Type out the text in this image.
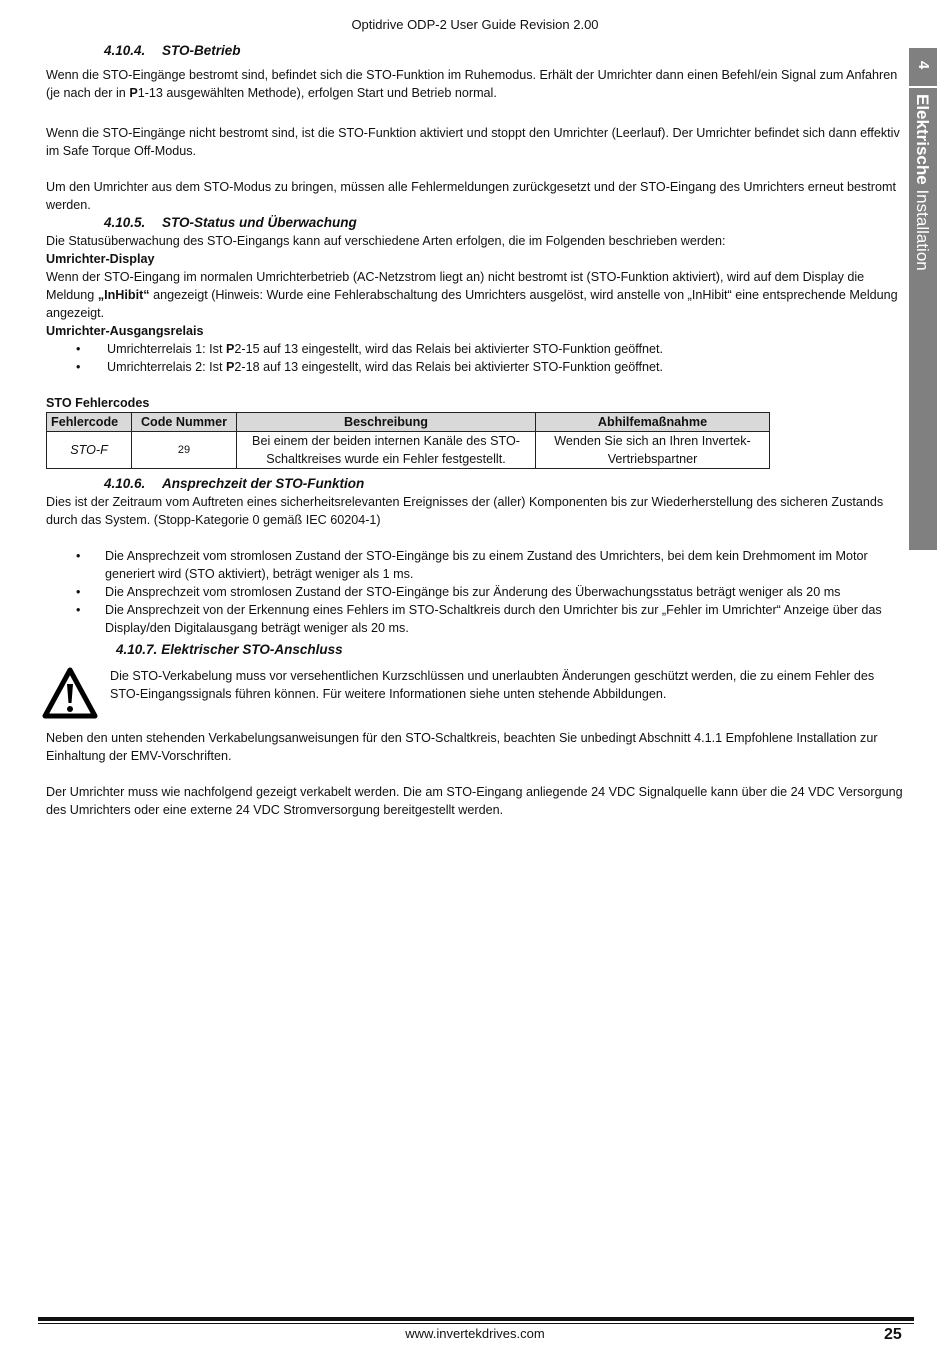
Optidrive ODP-2 User Guide Revision 2.00
4
Elektrische Installation
4.10.4. STO-Betrieb

Wenn die STO-Eingänge bestromt sind, befindet sich die STO-Funktion im Ruhemodus. Erhält der Umrichter dann einen Befehl/ein Signal zum Anfahren (je nach der in P1-13 ausgewählten Methode), erfolgen Start und Betrieb normal.

Wenn die STO-Eingänge nicht bestromt sind, ist die STO-Funktion aktiviert und stoppt den Umrichter (Leerlauf). Der Umrichter befindet sich dann effektiv im Safe Torque Off-Modus.

Um den Umrichter aus dem STO-Modus zu bringen, müssen alle Fehlermeldungen zurückgesetzt und der STO-Eingang des Umrichters erneut bestromt werden.

4.10.5. STO-Status und Überwachung

Die Statusüberwachung des STO-Eingangs kann auf verschiedene Arten erfolgen, die im Folgenden beschrieben werden:

Umrichter-Display

Wenn der STO-Eingang im normalen Umrichterbetrieb (AC-Netzstrom liegt an) nicht bestromt ist (STO-Funktion aktiviert), wird auf dem Display die Meldung „InHibit“ angezeigt (Hinweis: Wurde eine Fehlerabschaltung des Umrichters ausgelöst, wird anstelle von „InHibit“ eine entsprechende Meldung angezeigt.

Umrichter-Ausgangsrelais

• Umrichterrelais 1: Ist P2-15 auf 13 eingestellt, wird das Relais bei aktivierter STO-Funktion geöffnet.
• Umrichterrelais 2: Ist P2-18 auf 13 eingestellt, wird das Relais bei aktivierter STO-Funktion geöffnet.

STO Fehlercodes

Fehlercode	Code Nummer	Beschreibung	Abhilfemaßnahme
STO-F	29	Bei einem der beiden internen Kanäle des STO-Schaltkreises wurde ein Fehler festgestellt.	Wenden Sie sich an Ihren Invertek-Vertriebspartner
4.10.6. Ansprechzeit der STO-Funktion

Dies ist der Zeitraum vom Auftreten eines sicherheitsrelevanten Ereignisses der (aller) Komponenten bis zur Wiederherstellung des sicheren Zustands durch das System. (Stopp-Kategorie 0 gemäß IEC 60204-1)

• Die Ansprechzeit vom stromlosen Zustand der STO-Eingänge bis zu einem Zustand des Umrichters, bei dem kein Drehmoment im Motor generiert wird (STO aktiviert), beträgt weniger als 1 ms.
• Die Ansprechzeit vom stromlosen Zustand der STO-Eingänge bis zur Änderung des Überwachungsstatus beträgt weniger als 20 ms
• Die Ansprechzeit von der Erkennung eines Fehlers im STO-Schaltkreis durch den Umrichter bis zur „Fehler im Umrichter“ Anzeige über das Display/den Digitalausgang beträgt weniger als 20 ms.
4.10.7. Elektrischer STO-Anschluss

Die STO-Verkabelung muss vor versehentlichen Kurzschlüssen und unerlaubten Änderungen geschützt werden, die zu einem Fehler des STO-Eingangssignals führen können. Für weitere Informationen siehe unten stehende Abbildungen.

Neben den unten stehenden Verkabelungsanweisungen für den STO-Schaltkreis, beachten Sie unbedingt Abschnitt 4.1.1 Empfohlene Installation zur Einhaltung der EMV-Vorschriften.

Der Umrichter muss wie nachfolgend gezeigt verkabelt werden. Die am STO-Eingang anliegende 24 VDC Signalquelle kann über die 24 VDC Versorgung des Umrichters oder eine externe 24 VDC Stromversorgung bereitgestellt werden.

www.invertekdrives.com	25
